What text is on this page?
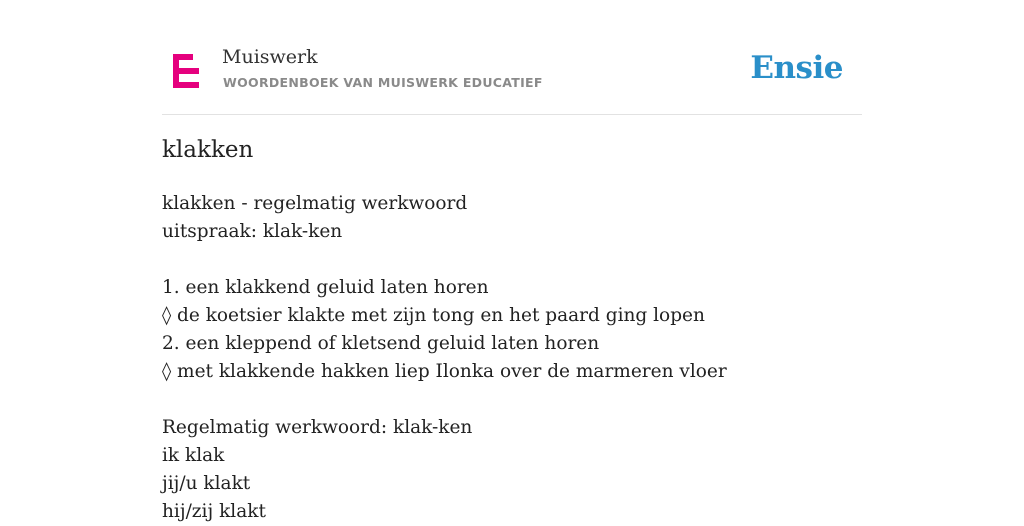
Muiswerk
WOORDENBOEK VAN MUISWERK EDUCATIEF	Ensie
klakken
klakken - regelmatig werkwoord
uitspraak: klak-ken
1. een klakkend geluid laten horen
◊ de koetsier klakte met zijn tong en het paard ging lopen
2. een kleppend of kletsend geluid laten horen
◊ met klakkende hakken liep Ilonka over de marmeren vloer
Regelmatig werkwoord: klak-ken
ik klak
jij/u klakt
hij/zij klakt
